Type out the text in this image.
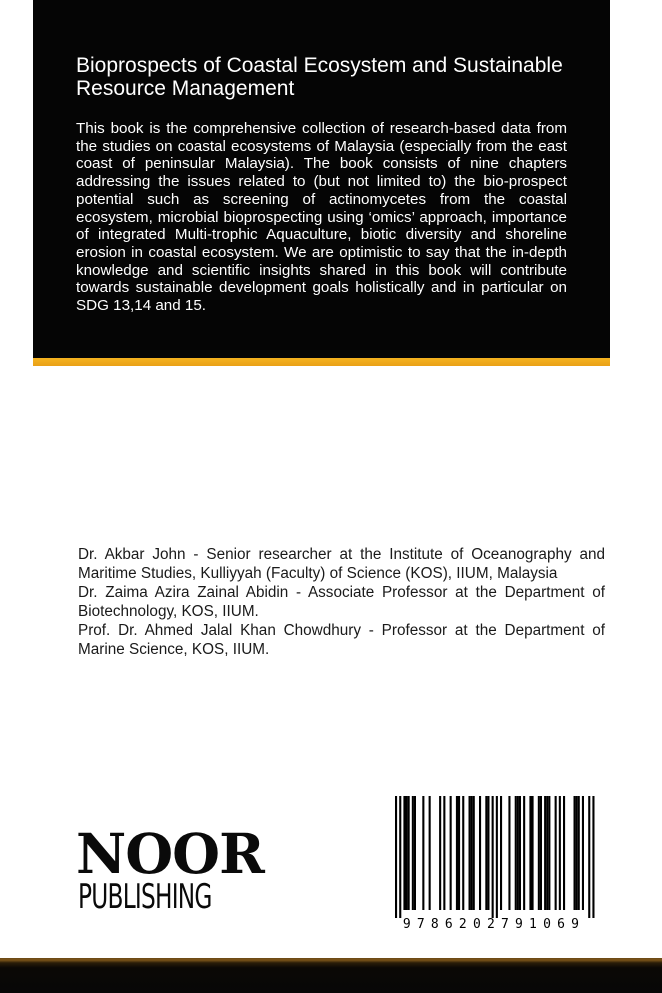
Bioprospects of Coastal Ecosystem and Sustainable Resource Management

This book is the comprehensive collection of research-based data from the studies on coastal ecosystems of Malaysia (especially from the east coast of peninsular Malaysia). The book consists of nine chapters addressing the issues related to (but not limited to) the bio-prospect potential such as screening of actinomycetes from the coastal ecosystem, microbial bioprospecting using ‘omics’ approach, importance of integrated Multi-trophic Aquaculture, biotic diversity and shoreline erosion in coastal ecosystem. We are optimistic to say that the in-depth knowledge and scientific insights shared in this book will contribute towards sustainable development goals holistically and in particular on SDG 13,14 and 15.

Dr. Akbar John - Senior researcher at the Institute of Oceanography and Maritime Studies, Kulliyyah (Faculty) of Science (KOS), IIUM, Malaysia

Dr. Zaima Azira Zainal Abidin - Associate Professor at the Department of Biotechnology, KOS, IIUM.

Prof. Dr. Ahmed Jalal Khan Chowdhury - Professor at the Department of Marine Science, KOS, IIUM.

NOOR
PUBLISHING
9786202791069
